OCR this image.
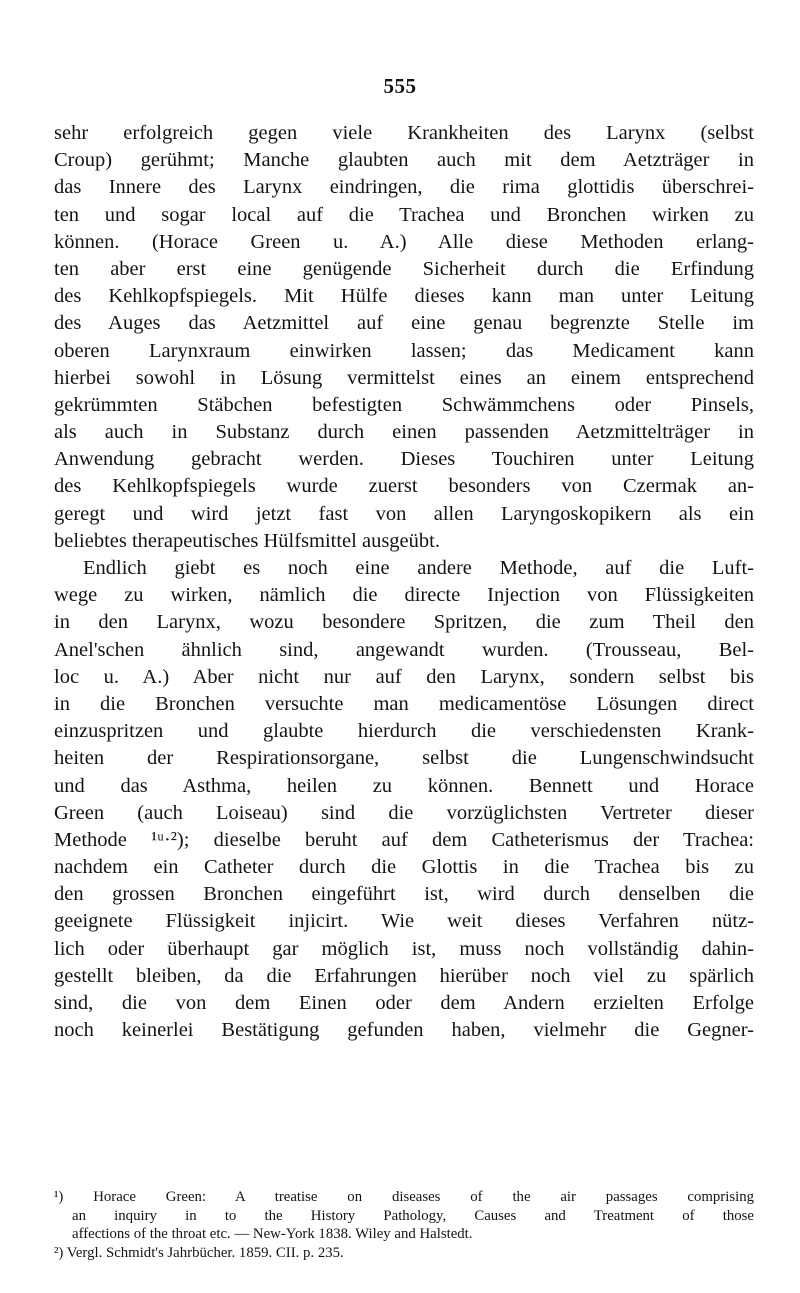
555
sehr erfolgreich gegen viele Krankheiten des Larynx (selbst
Croup) gerühmt; Manche glaubten auch mit dem Aetzträger in
das Innere des Larynx eindringen, die rima glottidis überschrei-
ten und sogar local auf die Trachea und Bronchen wirken zu
können. (Horace Green u. A.) Alle diese Methoden erlang-
ten aber erst eine genügende Sicherheit durch die Erfindung
des Kehlkopfspiegels. Mit Hülfe dieses kann man unter Leitung
des Auges das Aetzmittel auf eine genau begrenzte Stelle im
oberen Larynxraum einwirken lassen; das Medicament kann
hierbei sowohl in Lösung vermittelst eines an einem entsprechend
gekrümmten Stäbchen befestigten Schwämmchens oder Pinsels,
als auch in Substanz durch einen passenden Aetzmittelträger in
Anwendung gebracht werden. Dieses Touchiren unter Leitung
des Kehlkopfspiegels wurde zuerst besonders von Czermak an-
geregt und wird jetzt fast von allen Laryngoskopikern als ein
beliebtes therapeutisches Hülfsmittel ausgeübt.
Endlich giebt es noch eine andere Methode, auf die Luft-
wege zu wirken, nämlich die directe Injection von Flüssigkeiten
in den Larynx, wozu besondere Spritzen, die zum Theil den
Anel'schen ähnlich sind, angewandt wurden. (Trousseau, Bel-
loc u. A.) Aber nicht nur auf den Larynx, sondern selbst bis
in die Bronchen versuchte man medicamentöse Lösungen direct
einzuspritzen und glaubte hierdurch die verschiedensten Krank-
heiten der Respirationsorgane, selbst die Lungenschwindsucht
und das Asthma, heilen zu können. Bennett und Horace
Green (auch Loiseau) sind die vorzüglichsten Vertreter dieser
Methode ¹ᵘ·²); dieselbe beruht auf dem Catheterismus der Trachea:
nachdem ein Catheter durch die Glottis in die Trachea bis zu
den grossen Bronchen eingeführt ist, wird durch denselben die
geeignete Flüssigkeit injicirt. Wie weit dieses Verfahren nütz-
lich oder überhaupt gar möglich ist, muss noch vollständig dahin-
gestellt bleiben, da die Erfahrungen hierüber noch viel zu spärlich
sind, die von dem Einen oder dem Andern erzielten Erfolge
noch keinerlei Bestätigung gefunden haben, vielmehr die Gegner-
¹) Horace Green: A treatise on diseases of the air passages comprising
an inquiry in to the History Pathology, Causes and Treatment of those
affections of the throat etc. — New-York 1838. Wiley and Halstedt.
²) Vergl. Schmidt's Jahrbücher. 1859. CII. p. 235.
